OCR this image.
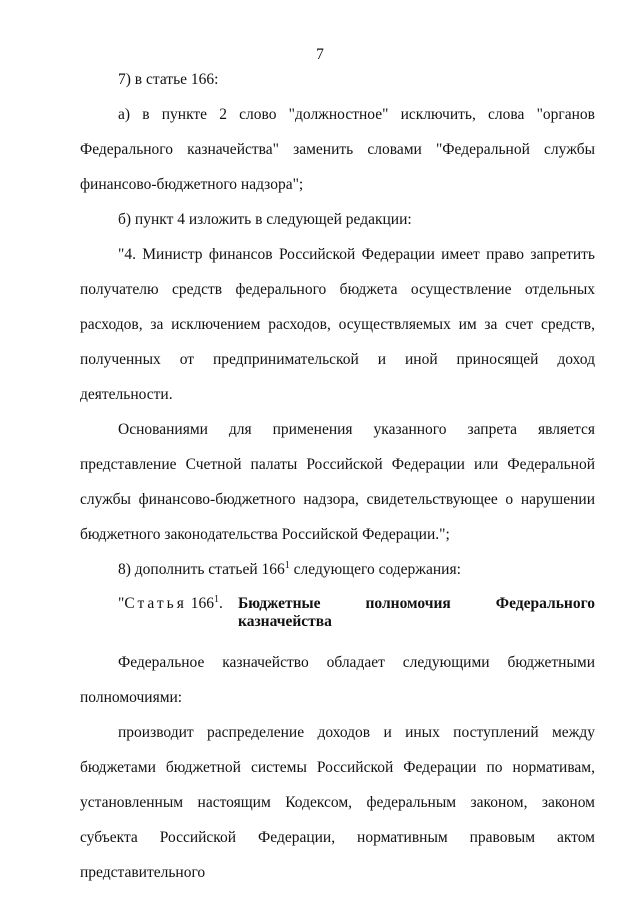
7

7) в статье 166:

а) в пункте 2 слово "должностное" исключить, слова "органов Федерального казначейства" заменить словами "Федеральной службы финансово-бюджетного надзора";

б) пункт 4 изложить в следующей редакции:

"4. Министр финансов Российской Федерации имеет право запретить получателю средств федерального бюджета осуществление отдельных расходов, за исключением расходов, осуществляемых им за счет средств, полученных от предпринимательской и иной приносящей доход деятельности.

Основаниями для применения указанного запрета является представление Счетной палаты Российской Федерации или Федеральной службы финансово-бюджетного надзора, свидетельствующее о нарушении бюджетного законодательства Российской Федерации.";

8) дополнить статьей $166^1$ следующего содержания:

"Статья $166^1$. Бюджетные полномочия Федерального
казначейства

Федеральное казначейство обладает следующими бюджетными полномочиями:

производит распределение доходов и иных поступлений между бюджетами бюджетной системы Российской Федерации по нормативам, установленным настоящим Кодексом, федеральным законом, законом субъекта Российской Федерации, нормативным правовым актом представительного
